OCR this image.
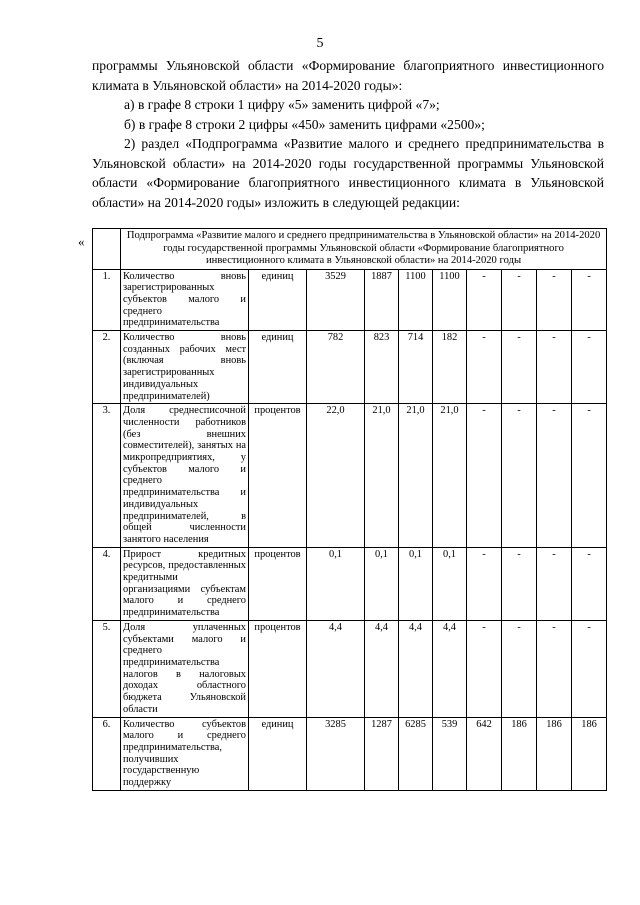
5

программы Ульяновской области «Формирование благоприятного инвестиционного климата в Ульяновской области» на 2014-2020 годы»:

а) в графе 8 строки 1 цифру «5» заменить цифрой «7»;

б) в графе 8 строки 2 цифры «450» заменить цифрами «2500»;

2) раздел «Подпрограмма «Развитие малого и среднего предпринимательства в Ульяновской области» на 2014-2020 годы государственной программы Ульяновской области «Формирование благоприятного инвестиционного климата в Ульяновской области» на 2014-2020 годы» изложить в следующей редакции:

«
		Подпрограмма «Развитие малого и среднего предпринимательства в Ульяновской области» на 2014-2020 годы государственной программы Ульяновской области «Формирование благоприятного инвестиционного климата в Ульяновской области» на 2014-2020 годы									
1.	Количество вновь зарегистрированных субъектов малого и среднего предпринимательства	единиц	3529	1887	1100	1100	-	-	-	-
2.	Количество вновь созданных рабочих мест (включая вновь зарегистрированных индивидуальных предпринимателей)	единиц	782	823	714	182	-	-	-	-
3.	Доля среднесписочной численности работников (без внешних совместителей), занятых на микропредприятиях, у субъектов малого и среднего предпринимательства и индивидуальных предпринимателей, в общей численности занятого населения	процентов	22,0	21,0	21,0	21,0	-	-	-	-
4.	Прирост кредитных ресурсов, предоставленных кредитными организациями субъектам малого и среднего предпринимательства	процентов	0,1	0,1	0,1	0,1	-	-	-	-
5.	Доля уплаченных субъектами малого и среднего предпринимательства налогов в налоговых доходах областного бюджета Ульяновской области	процентов	4,4	4,4	4,4	4,4	-	-	-	-
6.	Количество субъектов малого и среднего предпринимательства, получивших государственную поддержку	единиц	3285	1287	6285	539	642	186	186	186
